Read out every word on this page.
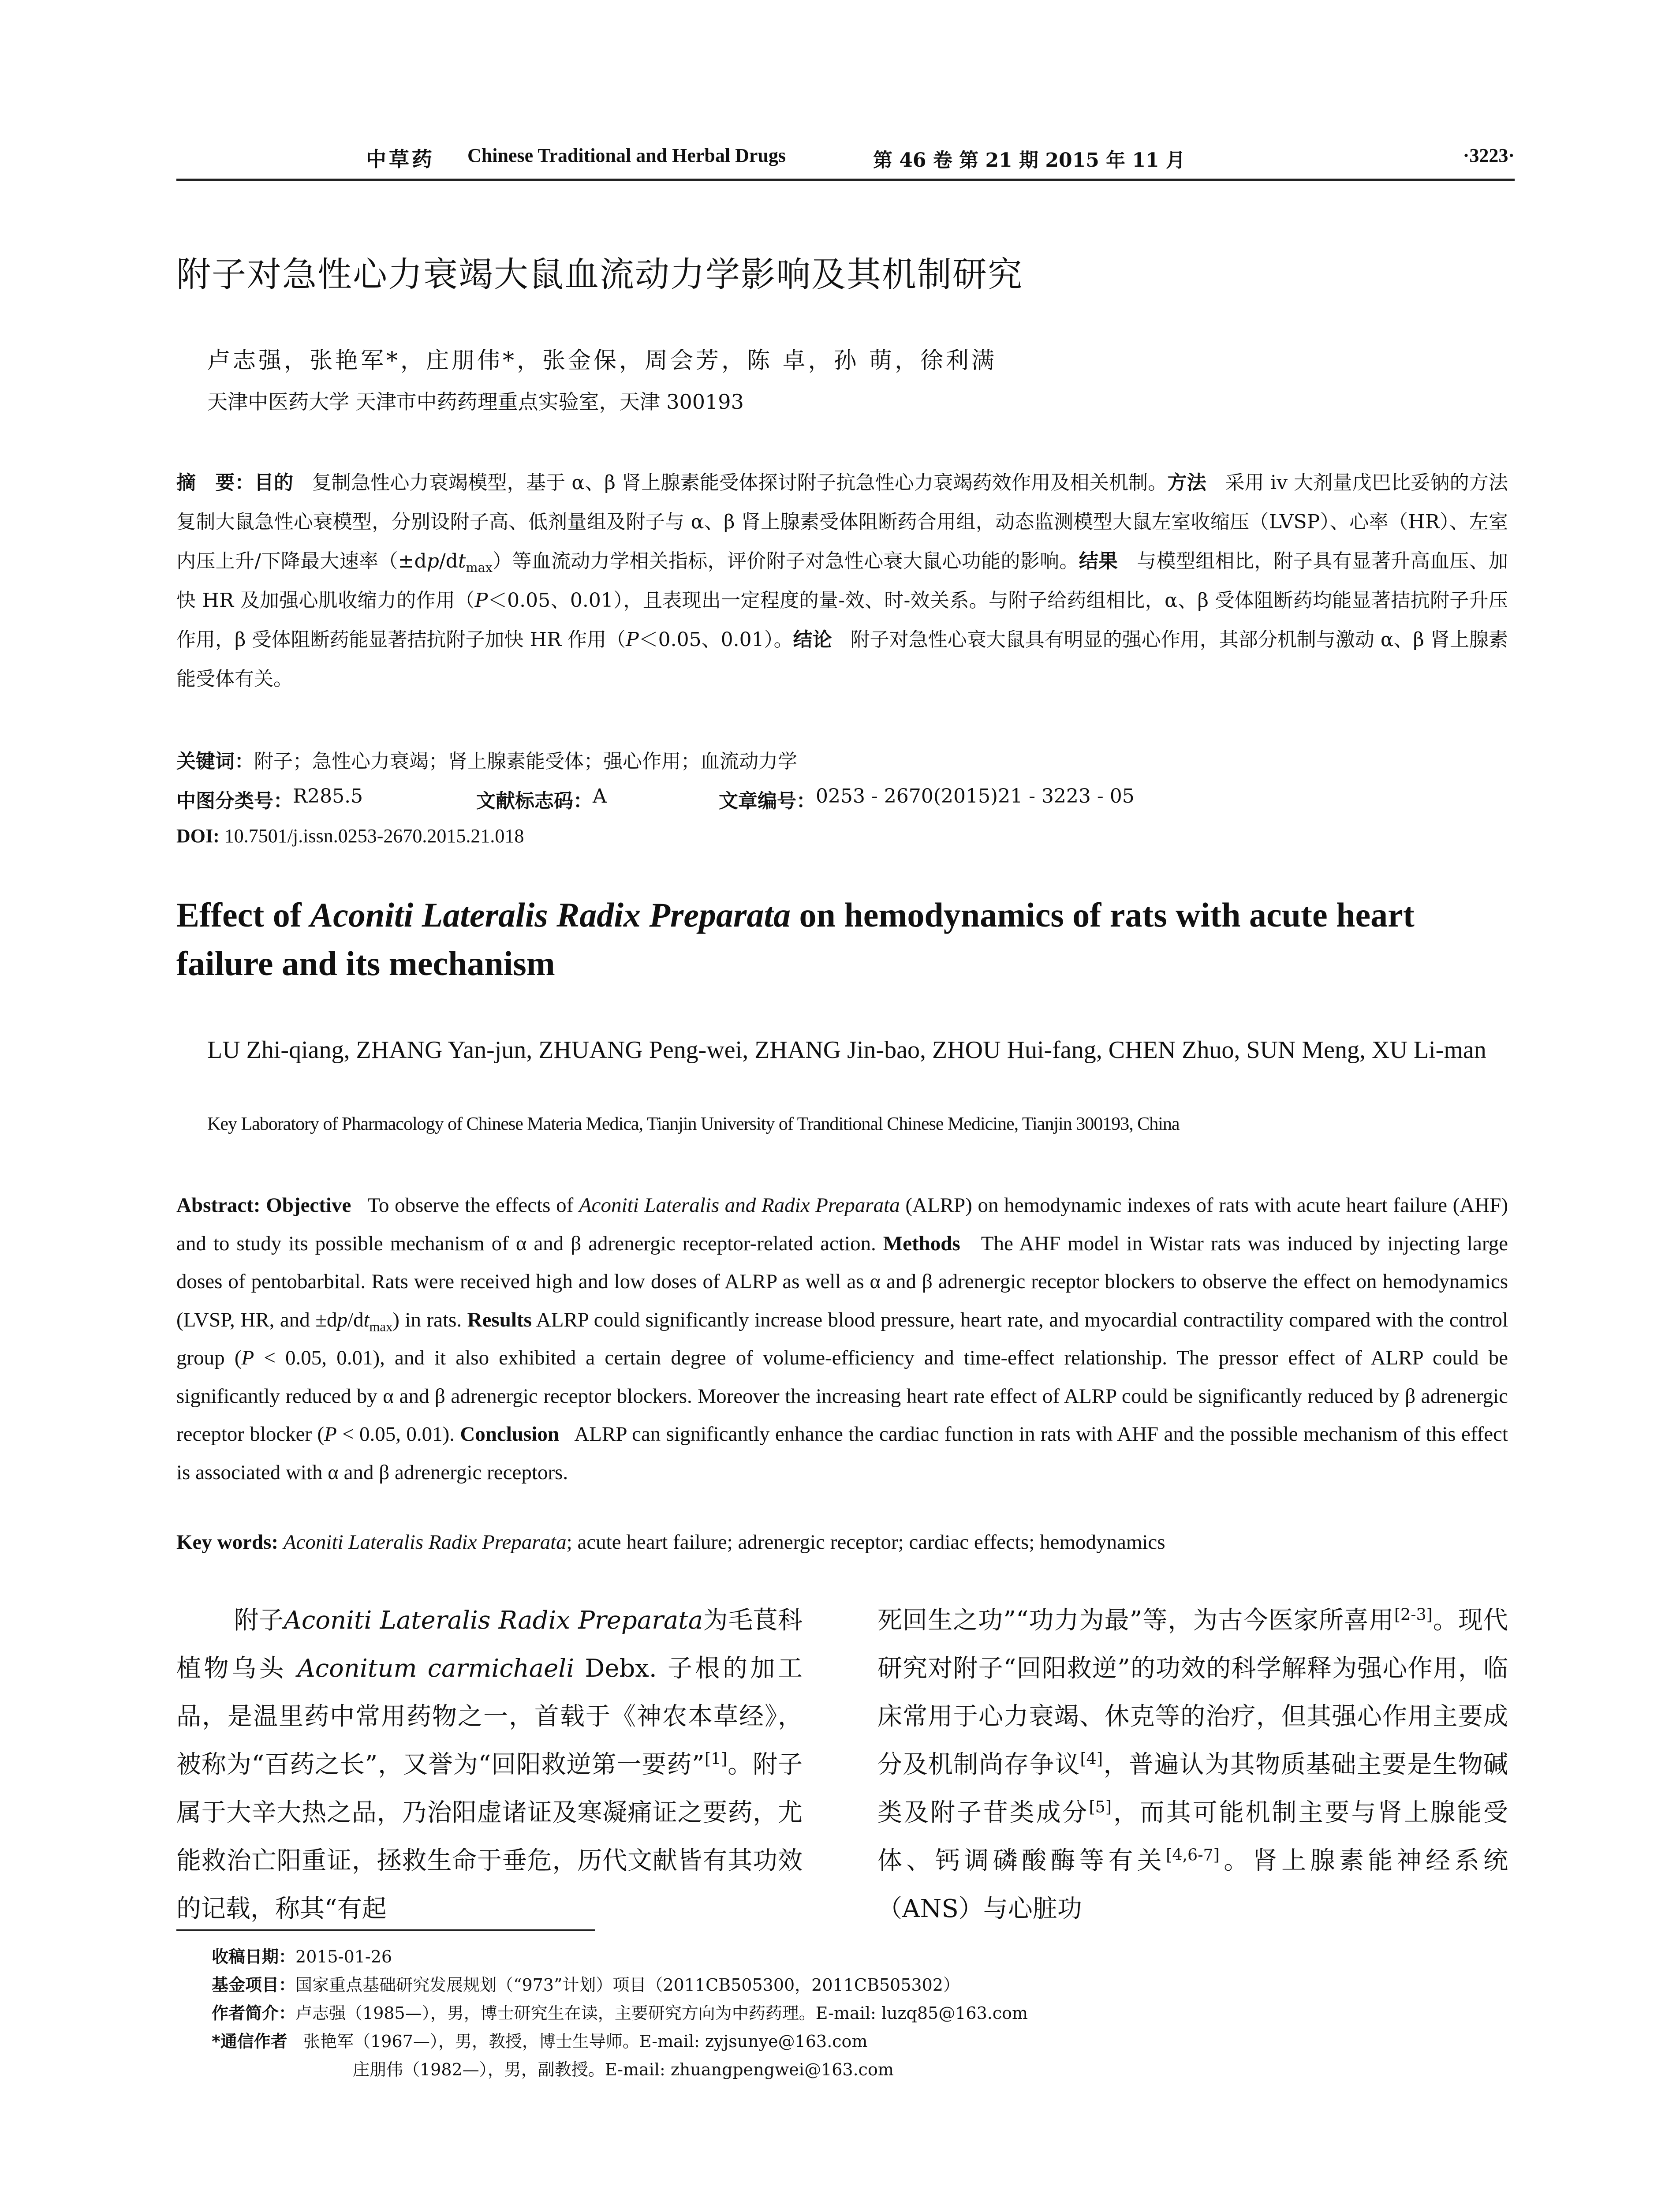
中草药 Chinese Traditional and Herbal Drugs	第 46 卷 第 21 期 2015 年 11 月	·3223·
附子对急性心力衰竭大鼠血流动力学影响及其机制研究
卢志强，张艳军*，庄朋伟*，张金保，周会芳，陈 卓，孙 萌，徐利满
天津中医药大学 天津市中药药理重点实验室，天津 300193
摘　要：目的 复制急性心力衰竭模型，基于 α、β 肾上腺素能受体探讨附子抗急性心力衰竭药效作用及相关机制。方法 采用 iv 大剂量戊巴比妥钠的方法复制大鼠急性心衰模型，分别设附子高、低剂量组及附子与 α、β 肾上腺素受体阻断药合用组，动态监测模型大鼠左室收缩压（LVSP）、心率（HR）、左室内压上升/下降最大速率$(\pm dp/dt_{max})$等血流动力学相关指标，评价附子对急性心衰大鼠心功能的影响。结果 与模型组相比，附子具有显著升高血压、加快 HR 及加强心肌收缩力的作用（P＜0.05、0.01），且表现出一定程度的量-效、时-效关系。与附子给药组相比，α、β 受体阻断药均能显著拮抗附子升压作用，β 受体阻断药能显著拮抗附子加快 HR 作用（P＜0.05、0.01）。结论 附子对急性心衰大鼠具有明显的强心作用，其部分机制与激动 α、β 肾上腺素能受体有关。
关键词：附子；急性心力衰竭；肾上腺素能受体；强心作用；血流动力学
中图分类号： R285.5	文献标志码： A	文章编号： 0253 - 2670(2015)21 - 3223 - 05
DOI: 10.7501/j.issn.0253-2670.2015.21.018
Effect of Aconiti Lateralis Radix Preparata on hemodynamics of rats with acute heart failure and its mechanism
LU Zhi-qiang, ZHANG Yan-jun, ZHUANG Peng-wei, ZHANG Jin-bao, ZHOU Hui-fang, CHEN Zhuo, SUN Meng, XU Li-man
Key Laboratory of Pharmacology of Chinese Materia Medica, Tianjin University of Tranditional Chinese Medicine, Tianjin 300193, China
Abstract: Objective To observe the effects of Aconiti Lateralis and Radix Preparata (ALRP) on hemodynamic indexes of rats with acute heart failure (AHF) and to study its possible mechanism of α and β adrenergic receptor-related action. Methods The AHF model in Wistar rats was induced by injecting large doses of pentobarbital. Rats were received high and low doses of ALRP as well as α and β adrenergic receptor blockers to observe the effect on hemodynamics (LVSP, HR, and $\pm dp/dt_{max}$) in rats. Results ALRP could significantly increase blood pressure, heart rate, and myocardial contractility compared with the control group (P < 0.05, 0.01), and it also exhibited a certain degree of volume-efficiency and time-effect relationship. The pressor effect of ALRP could be significantly reduced by α and β adrenergic receptor blockers. Moreover the increasing heart rate effect of ALRP could be significantly reduced by β adrenergic receptor blocker (P < 0.05, 0.01). Conclusion ALRP can significantly enhance the cardiac function in rats with AHF and the possible mechanism of this effect is associated with α and β adrenergic receptors.
Key words: Aconiti Lateralis Radix Preparata; acute heart failure; adrenergic receptor; cardiac effects; hemodynamics
附子Aconiti Lateralis Radix Preparata为毛茛科植物乌头 Aconitum carmichaeli Debx. 子根的加工品，是温里药中常用药物之一，首载于《神农本草经》，被称为“百药之长”，又誉为“回阳救逆第一要药”[1]。附子属于大辛大热之品，乃治阳虚诸证及寒凝痛证之要药，尤能救治亡阳重证，拯救生命于垂危，历代文献皆有其功效的记载，称其“有起
死回生之功”“功力为最”等，为古今医家所喜用[2-3]。现代研究对附子“回阳救逆”的功效的科学解释为强心作用，临床常用于心力衰竭、休克等的治疗，但其强心作用主要成分及机制尚存争议[4]，普遍认为其物质基础主要是生物碱类及附子苷类成分[5]，而其可能机制主要与肾上腺能受体、钙调磷酸酶等有关[4,6-7]。肾上腺素能神经系统（ANS）与心脏功
收稿日期：2015-01-26
基金项目：国家重点基础研究发展规划（“973”计划）项目（2011CB505300，2011CB505302）
作者简介：卢志强（1985—），男，博士研究生在读，主要研究方向为中药药理。E-mail: luzq85@163.com
*通信作者 张艳军（1967—），男，教授，博士生导师。E-mail: zyjsunye@163.com
庄朋伟（1982—），男，副教授。E-mail: zhuangpengwei@163.com
